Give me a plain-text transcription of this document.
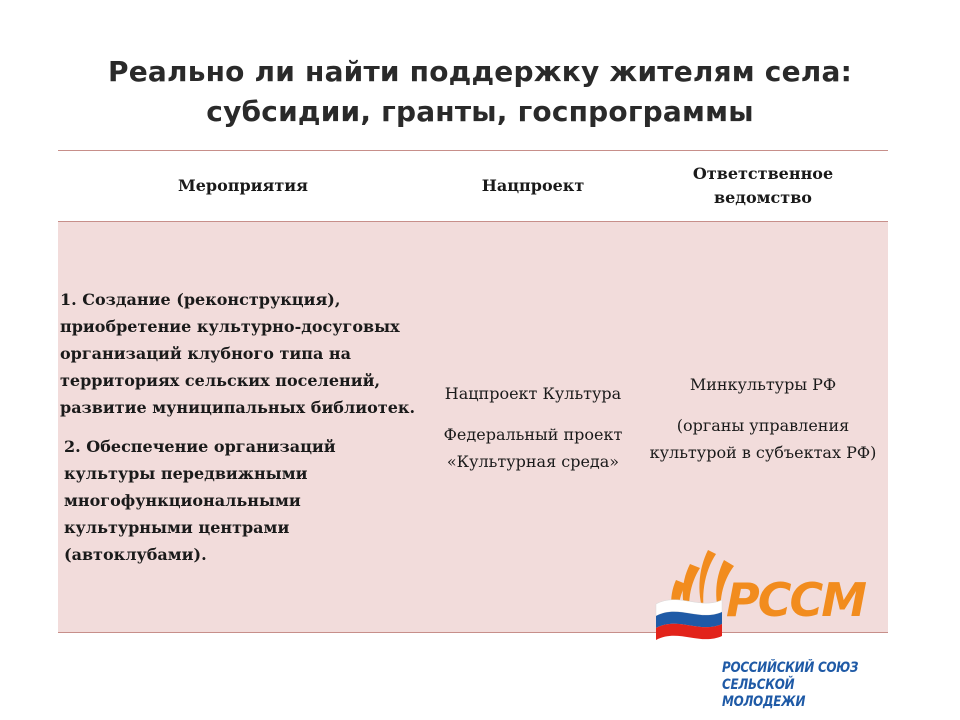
Реально ли найти поддержку жителям села:
субсидии, гранты, госпрограммы
Мероприятия	Нацпроект
Ответственное
ведомство

1. Создание (реконструкция), приобретение культурно-досуговых организаций клубного типа на территориях сельских поселений, развитие муниципальных библиотек.

2. Обеспечение организаций культуры передвижными многофункциональными культурными центрами (автоклубами).

Нацпроект Культура

Федеральный проект «Культурная среда»

Минкультуры РФ

(органы управления культурой в субъектах РФ)

РССМ
РОССИЙСКИЙ СОЮЗ
СЕЛЬСКОЙ МОЛОДЕЖИ
